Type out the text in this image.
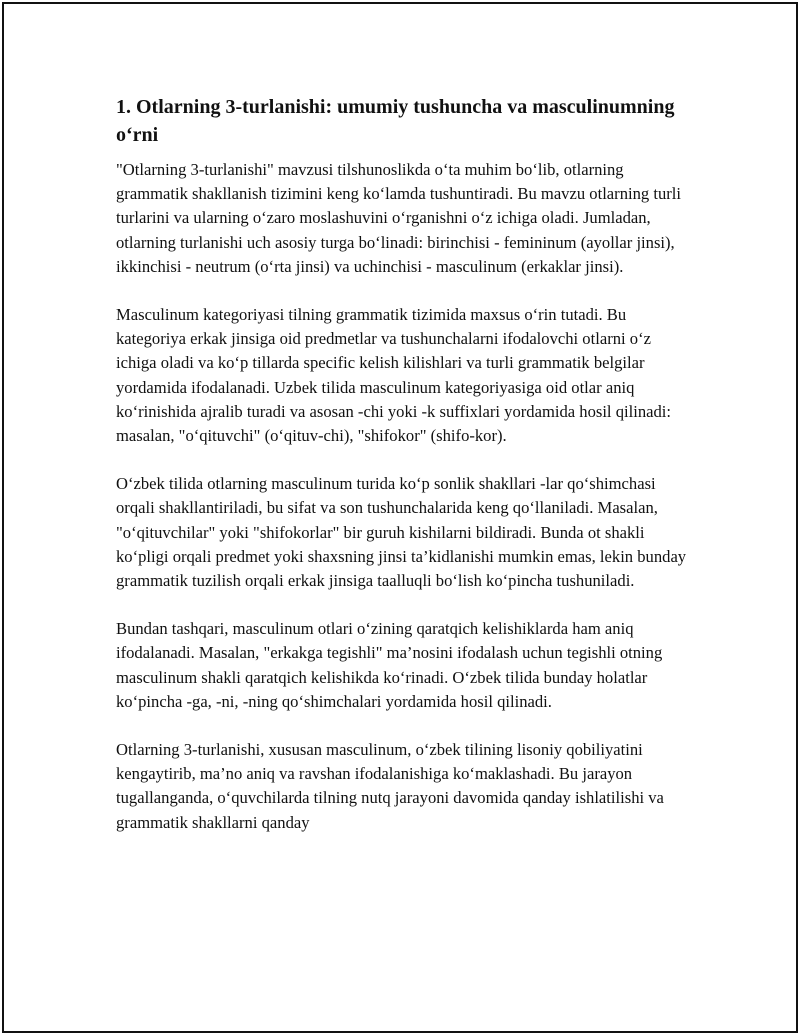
1. Otlarning 3-turlanishi: umumiy tushuncha va masculinumning o‘rni

"Otlarning 3-turlanishi" mavzusi tilshunoslikda o‘ta muhim bo‘lib, otlarning grammatik shakllanish tizimini keng ko‘lamda tushuntiradi. Bu mavzu otlarning turli turlarini va ularning o‘zaro moslashuvini o‘rganishni o‘z ichiga oladi. Jumladan, otlarning turlanishi uch asosiy turga bo‘linadi: birinchisi - femininum (ayollar jinsi), ikkinchisi - neutrum (o‘rta jinsi) va uchinchisi - masculinum (erkaklar jinsi).

Masculinum kategoriyasi tilning grammatik tizimida maxsus o‘rin tutadi. Bu kategoriya erkak jinsiga oid predmetlar va tushunchalarni ifodalovchi otlarni o‘z ichiga oladi va ko‘p tillarda specific kelish kilishlari va turli grammatik belgilar yordamida ifodalanadi. Uzbek tilida masculinum kategoriyasiga oid otlar aniq ko‘rinishida ajralib turadi va asosan -chi yoki -k suffixlari yordamida hosil qilinadi: masalan, "o‘qituvchi" (o‘qituv-chi), "shifokor" (shifo-kor).

O‘zbek tilida otlarning masculinum turida ko‘p sonlik shakllari -lar qo‘shimchasi orqali shakllantiriladi, bu sifat va son tushunchalarida keng qo‘llaniladi. Masalan, "o‘qituvchilar" yoki "shifokorlar" bir guruh kishilarni bildiradi. Bunda ot shakli ko‘pligi orqali predmet yoki shaxsning jinsi ta’kidlanishi mumkin emas, lekin bunday grammatik tuzilish orqali erkak jinsiga taalluqli bo‘lish ko‘pincha tushuniladi.

Bundan tashqari, masculinum otlari o‘zining qaratqich kelishiklarda ham aniq ifodalanadi. Masalan, "erkakga tegishli" ma’nosini ifodalash uchun tegishli otning masculinum shakli qaratqich kelishikda ko‘rinadi. O‘zbek tilida bunday holatlar ko‘pincha -ga, -ni, -ning qo‘shimchalari yordamida hosil qilinadi.

Otlarning 3-turlanishi, xususan masculinum, o‘zbek tilining lisoniy qobiliyatini kengaytirib, ma’no aniq va ravshan ifodalanishiga ko‘maklashadi. Bu jarayon tugallanganda, o‘quvchilarda tilning nutq jarayoni davomida qanday ishlatilishi va grammatik shakllarni qanday
